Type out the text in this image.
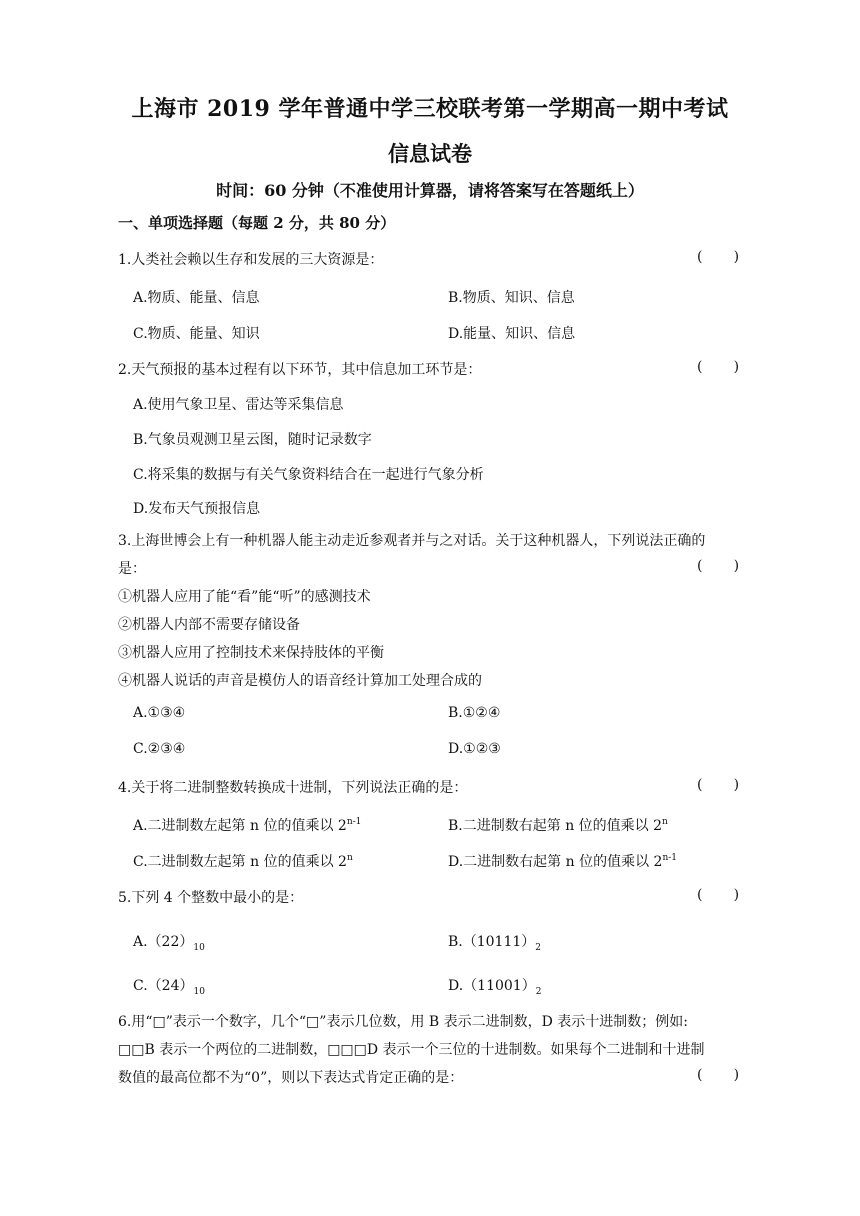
上海市 2019 学年普通中学三校联考第一学期高一期中考试
信息试卷
时间：60 分钟（不准使用计算器，请将答案写在答题纸上）
一、单项选择题（每题 2 分，共 80 分）
1.人类社会赖以生存和发展的三大资源是：	(       )
A.物质、能量、信息	B.物质、知识、信息
C.物质、能量、知识	D.能量、知识、信息
2.天气预报的基本过程有以下环节，其中信息加工环节是：	(       )
A.使用气象卫星、雷达等采集信息
B.气象员观测卫星云图，随时记录数字
C.将采集的数据与有关气象资料结合在一起进行气象分析
D.发布天气预报信息
3.上海世博会上有一种机器人能主动走近参观者并与之对话。关于这种机器人，下列说法正确的
是：	(       )
①机器人应用了能“看”能“听”的感测技术
②机器人内部不需要存储设备
③机器人应用了控制技术来保持肢体的平衡
④机器人说话的声音是模仿人的语音经计算加工处理合成的
A.①③④	B.①②④
C.②③④	D.①②③
4.关于将二进制整数转换成十进制，下列说法正确的是：	(       )
A.二进制数左起第 n 位的值乘以 2$^{n-1}$	B.二进制数右起第 n 位的值乘以 2$^n$
C.二进制数左起第 n 位的值乘以 2$^n$	D.二进制数右起第 n 位的值乘以 2$^{n-1}$
5.下列 4 个整数中最小的是：	(       )
$A.(22)_{10}$	$B.(10111)_2$
$C.(24)_{10}$	$D.(11001)_2$
6.用“□”表示一个数字，几个“□”表示几位数，用 B 表示二进制数，D 表示十进制数；例如:
□□B 表示一个两位的二进制数，□□□D 表示一个三位的十进制数。如果每个二进制和十进制
数值的最高位都不为“0”，则以下表达式肯定正确的是：	(       )
